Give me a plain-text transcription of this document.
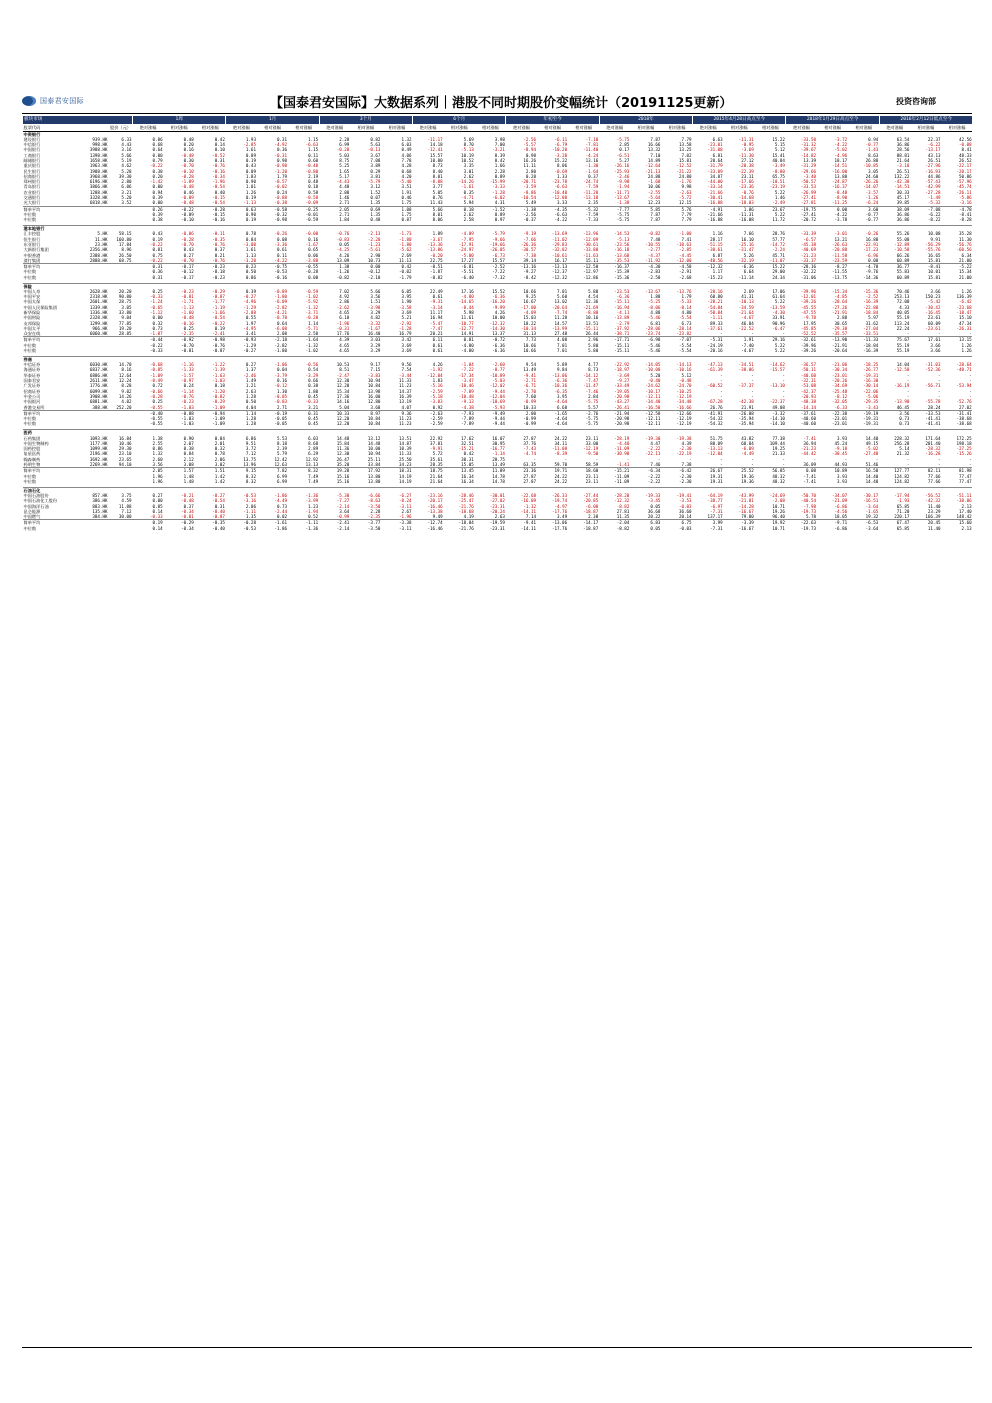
国泰君安国际	【国泰君安国际】大数据系列｜港股不同时期股价变幅统计（20191125更新）	投资咨询部
板块市场			1周			1月			3个月			6个月			年初至今			2018年			2015年4月28日高点至今			2018年1月29日高点至今			2016年2月12日低点至今		
股票代码		股价（元）	绝对涨幅	相对涨幅	相对涨幅	绝对涨幅	相对涨幅	相对涨幅	绝对涨幅	相对涨幅	相对涨幅	绝对涨幅	相对涨幅	相对涨幅	绝对涨幅	相对涨幅	相对涨幅	绝对涨幅	相对涨幅	相对涨幅	绝对涨幅	相对涨幅	相对涨幅	绝对涨幅	相对涨幅	相对涨幅	绝对涨幅	相对涨幅	相对涨幅
中资银行																													
建设银行	939.HK	6.33	0.86	0.48	0.42	1.93	0.31	1.15	2.28	0.82	1.32	-11.17	5.69	3.98	-2.56	-6.11	-7.18	-5.75	7.87	7.79	6.63	-11.31	15.22	-33.50	-3.72	0.94	63.54	22.37	42.56
中信银行	998.HK	4.43	0.68	0.20	0.14	-2.85	-4.92	-6.63	6.99	5.63	6.03	14.18	8.70	7.00	-5.57	-6.79	-7.81	2.85	16.66	13.58	-23.01	-0.95	5.15	-31.32	-4.22	-0.77	36.86	-6.22	-0.08
中国银行	3988.HK	3.16	0.64	0.16	0.10	1.61	0.36	1.15	-0.28	-0.13	0.49	-12.41	-5.13	-3.21	-8.94	-10.20	-11.40	0.17	13.32	13.25	-31.08	-3.69	5.12	-39.67	-5.02	-1.43	28.56	-13.17	8.41
工商银行	1398.HK	5.66	0.00	-0.48	-0.52	0.89	-0.31	0.11	5.03	3.67	4.06	15.57	10.19	8.39	0.98	-3.28	-4.24	-6.51	7.10	7.02	6.81	-11.30	15.41	-14.82	-4.96	8.63	88.81	43.13	48.33
邮储银行	1658.HK	5.19	0.79	0.30	0.31	0.19	0.98	0.60	8.75	7.08	7.78	10.00	10.52	8.42	16.26	15.22	13.16	5.27	14.89	15.81	20.64	27.12	40.84	13.39	18.17	26.88	21.64	26.51	26.52
重庆银行	1963.HK	4.62	-0.22	-0.70	-0.76	0.43	-0.98	-0.48	5.25	3.89	4.28	8.73	3.35	1.66	11.11	8.06	-1.30	-26.16	-12.64	-12.52	-31.79	-20.38	-3.49	-31.29	-14.51	-10.85	-3.18	-27.96	-22.17
民生银行	1988.HK	5.28	0.38	-0.10	-0.16	0.09	-1.20	-0.80	1.65	0.29	0.68	8.40	3.01	2.28	2.80	-0.69	-1.64	-25.93	-21.13	-21.22	-33.09	-22.39	-8.80	-29.66	-16.00	3.05	26.51	-16.93	-20.17
招商银行	3968.HK	39.30	0.20	-0.28	-0.34	1.83	1.79	2.19	5.17	3.81	4.20	8.01	2.62	0.89	0.28	1.33	0.37	-2.46	24.88	24.80	34.87	23.11	65.75	-3.40	13.88	24.60	132.22	44.86	50.86
郑州银行	6196.HK	2.80	-1.42	-1.89	-1.96	0.90	-0.57	0.48	-4.43	-5.79	-5.40	-8.88	-14.26	-15.99	-20.71	-23.78	-24.74	-9.98	-1.68	-1.76	-44.00	-17.66	-10.51	-50.57	-24.87	-26.26	-42.38	-57.43	-57.96
青岛银行	3866.HK	6.06	0.00	-0.48	-0.54	1.01	-0.02	0.18	4.48	3.12	3.51	3.77	-1.61	-3.33	-3.59	-6.63	-7.59	-1.94	10.06	9.98	-33.14	-23.36	-23.19	-33.53	-16.37	-14.07	-14.51	-42.99	-45.74
农业银行	1288.HK	3.21	0.94	0.46	0.40	1.26	0.24	0.58	2.88	1.52	1.91	5.05	0.35	-1.28	-8.86	-10.40	-11.28	-11.71	-2.55	-2.63	-21.66	-0.76	5.22	-26.99	-8.48	-3.57	30.33	-27.28	-26.11
交通银行	3328.HK	5.20	0.39	-0.09	-0.15	0.19	-0.88	-0.58	1.46	0.07	0.46	0.76	-4.71	-6.02	-10.54	-12.08	-13.18	-13.67	-5.64	-5.72	-30.41	-14.68	1.46	-27.41	-8.90	-1.26	45.17	-1.49	-5.86
光大银行	6818.HK	3.52	0.00	-0.48	-0.54	-1.13	-0.38	-0.09	2.71	1.35	1.75	11.43	5.94	4.31	5.49	3.33	2.35	-1.38	12.23	12.15	-16.88	-18.03	-2.49	-27.81	-11.25	-6.24	39.85	-5.32	-3.16
简单平均			0.26	-0.22	-0.28	0.63	-0.58	-0.25	2.05	0.69	1.08	5.66	0.18	-1.52	-1.38	-4.35	-5.32	-7.77	5.85	5.76	-4.91	1.86	23.67	-19.75	0.00	3.60	38.09	-7.08	-4.78
中位数			0.39	-0.09	-0.15	0.90	-0.32	-0.01	2.71	1.35	1.75	8.01	2.62	0.89	-2.56	-6.63	-7.59	-5.75	7.87	7.79	-21.66	-11.31	5.22	-27.41	-4.22	-0.77	36.86	-6.22	-8.41
中位数			0.38	-0.10	-0.16	0.19	-0.98	-0.59	1.84	0.48	0.87	8.06	2.58	0.97	-0.37	-4.22	-7.33	-5.75	7.87	7.79	-16.88	-16.08	11.72	-20.72	-3.78	-0.77	36.86	-8.22	-8.28

港本地银行																													
汇丰控股	5.HK	58.15	0.43	-0.06	-0.11	0.78	-0.26	-0.00	-0.76	-2.13	-1.73	1.89	-4.09	-5.79	-9.19	-13.69	-13.96	-14.53	-0.82	-1.00	1.16	7.66	28.76	-33.39	-3.01	-0.26	55.26	10.08	35.28
恒生银行	11.HK	160.80	0.19	-0.28	-0.35	0.84	0.08	0.16	-0.83	-2.20	-1.80	-3.67	-7.95	-9.66	-7.66	-11.02	-12.09	-5.13	7.48	7.41	28.17	16.10	57.77	-6.57	13.21	16.88	55.08	9.91	11.30
东亚银行	23.HK	17.84	-0.22	-0.70	-0.76	-3.00	-3.36	-1.67	0.05	-1.23	-1.80	-13.36	-17.91	-19.66	-26.36	-29.83	-30.61	-23.56	-10.55	-10.63	-51.15	-25.16	-14.72	-45.38	-26.63	-22.91	-12.89	-56.29	-56.76
大新银行集团	2356.HK	8.96	0.81	0.43	0.37	1.61	0.61	0.65	-4.25	-5.61	-5.62	-13.86	-24.97	-26.05	-30.57	-32.82	-33.80	-16.18	-2.77	-2.85	-30.61	-31.47	-2.24	-40.69	-20.88	-17.23	-10.58	-55.76	-60.56
中银香港	2388.HK	26.50	0.75	0.27	0.21	1.13	0.11	0.06	4.26	2.90	2.69	-0.20	-5.00	-6.73	-7.38	-10.61	-11.63	-13.68	-4.37	-4.45	6.87	5.26	45.71	-21.23	-11.58	-6.96	66.26	16.65	6.34
渣打集团	2888.HK	68.75	-0.22	-0.70	-0.76	-3.20	-4.22	-3.88	13.09	10.73	11.13	22.75	17.27	15.57	39.14	16.17	15.11	-35.53	-11.92	-12.00	-40.56	-32.19	-11.07	-33.37	-23.59	0.08	60.89	15.81	21.00
简单平均			0.31	-0.17	-0.23	0.23	-0.75	-0.55	1.38	0.00	0.42	-0.51	-6.81	-2.52	-13.16	-13.13	-12.50	-16.37	-4.30	-4.58	-12.32	-6.36	15.22	-28.16	-8.27	-4.70	36.77	-8.41	-5.22
中位数			0.36	-0.12	-0.18	0.50	-0.53	-0.28	-1.26	-0.12	-0.02	-1.87	-5.51	-7.22	-9.27	-12.37	-12.97	-15.39	-2.83	-2.91	1.17	6.64	29.00	-32.22	-11.55	-9.76	55.83	10.01	15.34
中位数			0.31	-0.17	-0.23	0.86	-0.16	0.08	-0.82	-2.18	-1.79	-0.82	-6.40	-7.32	-8.42	-12.32	-12.86	-15.36	-2.58	-2.68	-15.23	-11.14	24.34	-31.06	-13.75	-14.36	60.89	15.81	21.00

保险																													
中国人寿	2628.HK	20.20	0.25	-0.23	-0.29	0.39	-0.89	-0.59	7.02	5.66	6.05	22.49	17.16	15.52	10.66	7.01	5.80	-23.53	-13.67	-13.76	-20.16	2.69	17.06	-39.96	-15.34	-15.36	70.46	3.66	1.26
中国平安	2318.HK	90.80	-0.33	-0.81	-0.87	-0.27	-1.80	-1.02	4.92	3.56	3.95	0.61	-4.80	-6.36	9.25	5.60	4.54	-6.36	1.88	1.79	60.80	41.31	61.64	-12.01	-4.85	-2.52	253.13	150.23	136.39
中国太保	2601.HK	28.75	-1.24	-1.71	-1.77	-4.96	-6.09	-5.92	2.86	1.51	1.90	-9.31	-14.65	-16.20	16.67	13.02	12.36	-15.11	-5.25	-5.33	-28.21	-10.13	5.22	-39.26	-20.64	-16.39	72.00	-5.42	-6.42
中国人民保险集团	1339.HK	3.05	-0.65	-1.13	-1.19	-1.29	-2.82	-1.32	-2.62	-3.98	-3.58	-3.14	-8.44	-9.99	-17.00	-20.64	-21.69	-16.94	-8.06	-8.14	-54.84	-34.59	-13.59	-45.55	-27.26	-22.88	4.33	-30.42	-23.68
新华保险	1336.HK	33.80	-1.12	-1.60	-1.66	-2.88	-4.21	-3.71	4.65	3.29	3.69	11.17	5.98	4.26	-4.09	-7.74	-8.80	-4.11	4.88	4.80	-50.84	-21.64	-4.30	-47.55	-21.91	-18.84	40.05	-16.45	-18.47
中国财险	2328.HK	9.04	0.00	-0.48	-0.54	0.55	-0.78	-0.28	6.18	4.82	5.21	16.94	11.61	10.00	15.03	11.28	10.16	-13.89	-5.46	-5.54	-1.11	-4.67	33.91	-9.78	2.88	5.97	55.19	23.61	15.10
友邦保险	1299.HK	77.85	0.32	-0.16	-0.22	1.97	0.64	1.14	-1.96	-3.32	-2.92	-5.47	-10.77	-12.32	18.22	14.57	13.51	-2.79	6.81	6.73	89.33	46.84	90.96	17.95	30.65	31.62	113.24	60.09	47.34
中国太平	966.HK	19.20	0.73	0.25	0.19	-4.95	-6.08	-5.71	-0.31	-1.67	-1.28	-7.47	-12.77	-14.30	-10.34	-13.99	-15.11	-37.92	-28.06	-28.14	-37.61	-22.52	-6.47	-45.85	-29.38	-27.04	22.24	-23.61	-26.31
众安在线	6060.HK	28.85	-1.87	-2.35	-2.41	3.41	2.08	2.58	17.76	16.40	16.79	20.21	14.91	13.37	31.13	27.48	26.44	-38.71	-23.74	-23.82	-	-	-	-52.52	-35.57	-33.51	-	-	-
简单平均			-0.44	-0.92	-0.98	-0.93	-2.18	-1.64	4.39	3.03	3.42	6.11	0.81	-0.72	7.73	4.08	2.96	-17.71	-6.98	-7.07	-5.31	1.91	29.16	-32.61	-13.90	-11.33	75.67	17.61	13.15
中位数			-0.22	-0.70	-0.76	-1.29	-2.82	-1.32	4.65	3.29	3.69	0.61	-4.80	-6.36	10.66	7.01	5.80	-15.11	-5.46	-5.54	-24.19	-7.40	5.22	-39.96	-21.91	-18.84	55.19	3.66	1.26
中位数			-0.33	-0.81	-0.87	-0.27	-1.80	-1.02	4.65	3.29	3.69	0.61	-4.80	-6.36	10.66	7.01	5.80	-15.11	-5.46	-5.54	-20.16	-4.67	5.22	-39.26	-20.64	-16.39	55.19	3.66	1.26

券商																													
中信证券	6030.HK	14.70	-0.68	-1.16	-1.22	0.27	-1.06	-0.56	10.53	9.17	9.56	4.26	-1.04	-2.60	9.54	5.89	4.77	-22.92	-14.05	-14.13	-47.13	-34.51	-14.62	-36.57	-21.06	-18.25	14.04	-31.03	-28.64
海通证券	6837.HK	8.16	-0.85	-1.33	-1.39	1.37	0.04	0.54	8.51	7.15	7.54	-1.92	-7.22	-8.77	13.49	9.84	8.73	-18.97	-10.08	-10.16	-61.39	-38.06	-15.57	-50.11	-30.34	-26.77	-12.58	-52.36	-48.71
华泰证券	6886.HK	12.64	-1.09	-1.57	-1.63	-2.46	-3.79	-3.29	-2.47	-3.83	-3.44	-12.04	-17.34	-18.89	-9.41	-13.06	-14.12	-3.69	5.20	5.12	-	-	-	-40.60	-23.01	-19.31	-	-	-
国泰君安	2611.HK	12.24	-0.49	-0.97	-1.03	1.49	0.16	0.66	12.30	10.94	11.33	1.83	-3.47	-5.03	-2.71	-6.36	-7.47	-9.27	-0.40	-0.48	-	-	-	-32.31	-20.26	-16.30	-	-	-
广发证券	1776.HK	8.28	0.72	0.24	0.18	1.21	-0.12	0.38	12.20	10.84	11.23	-5.16	-10.46	-12.02	-6.71	-10.36	-11.47	-33.49	-24.62	-24.70	-60.52	-37.37	-13.10	-53.08	-34.69	-30.14	-16.19	-56.71	-53.94
招商证券	6099.HK	9.02	-0.66	-1.14	-1.20	2.63	1.30	1.80	15.34	13.98	14.37	-2.59	-7.89	-9.44	-2.70	-6.35	-7.46	-19.05	-10.17	-10.25	-	-	-	-42.37	-25.48	-22.06	-	-	-
中金公司	3908.HK	14.26	-0.28	-0.76	-0.82	1.28	-0.05	0.45	17.36	16.00	16.39	-5.18	-10.48	-12.04	7.60	3.95	2.84	-20.98	-12.11	-12.19	-	-	-	-20.93	-8.12	-5.06	-	-	-
中国银河	6881.HK	4.02	0.25	-0.23	-0.29	0.50	-0.83	-0.33	14.16	12.80	13.19	-3.83	-9.13	-10.69	-0.99	-4.64	-5.75	-43.27	-34.40	-34.48	-67.28	-42.38	-22.37	-48.38	-32.05	-29.35	-13.90	-55.78	-52.76
香港交易所	388.HK	252.20	-0.55	-1.03	-1.09	4.04	2.71	3.21	5.04	3.68	4.07	0.92	-4.38	-5.93	10.33	6.68	5.57	-26.41	-16.58	-16.66	26.76	21.91	49.08	-14.14	-6.33	-3.43	46.45	28.24	27.02
简单平均			-0.40	-0.88	-0.94	1.14	-0.19	0.31	10.33	8.97	9.36	-2.63	-7.93	-9.49	2.00	-1.65	-2.76	-21.94	-12.58	-12.66	-41.91	-26.08	-3.32	-37.61	-22.38	-19.19	3.56	-33.53	-31.41
中位数			-0.55	-1.03	-1.09	1.28	-0.05	0.45	12.20	10.84	11.23	-2.59	-7.89	-9.44	-0.99	-4.64	-5.75	-20.98	-12.11	-12.19	-54.32	-35.94	-14.10	-40.60	-23.01	-19.31	0.73	-41.41	-38.68
中位数			-0.55	-1.03	-1.09	1.28	-0.05	0.45	12.20	10.84	11.23	-2.59	-7.89	-9.44	-0.99	-4.64	-5.75	-20.98	-12.11	-12.19	-54.32	-35.94	-14.10	-40.60	-23.01	-19.31	0.73	-41.41	-38.68

医药																													
石药集团	1093.HK	16.84	1.38	0.90	0.84	6.86	5.53	6.03	14.48	13.12	13.51	22.92	17.62	16.07	27.87	24.22	23.11	-28.19	-19.30	-19.38	51.75	43.82	77.38	-7.41	3.93	14.40	228.32	171.64	172.25
中国生物制药	1177.HK	10.46	2.55	2.07	2.01	9.51	8.18	8.68	15.84	14.48	14.87	37.81	32.51	30.95	37.76	34.11	33.00	-4.40	4.47	4.39	80.09	68.84	109.44	36.94	45.24	49.15	256.28	201.40	198.18
国药控股	1099.HK	29.30	0.86	0.38	0.32	3.72	2.39	2.89	11.36	10.00	10.39	-9.91	-15.21	-16.77	-7.43	-11.08	-12.19	-11.09	-2.22	-2.30	-13.13	-6.09	19.25	-21.23	-9.18	-5.02	5.14	-28.32	-27.25
复星医药	2196.HK	23.10	1.32	0.84	0.78	7.12	5.79	6.29	12.30	10.94	11.33	5.72	0.42	-1.14	-4.74	-8.39	-9.50	-30.98	-22.11	-22.19	-12.04	-4.49	21.33	-44.42	-30.45	-27.48	21.32	-16.28	-15.26
翰森制药	3692.HK	23.65	2.60	2.12	2.06	13.75	12.42	12.92	26.47	25.11	25.50	35.61	30.31	28.75	-	-	-	-	-	-	-	-	-	-	-	-	-	-	-
药明生物	2269.HK	94.10	3.56	3.08	3.02	13.96	12.63	13.13	35.20	33.84	34.23	20.35	15.05	13.49	63.35	59.70	58.59	-1.41	7.46	7.38	-	-	-	36.09	44.93	51.46	-	-	-
简单平均			2.05	1.57	1.51	9.15	7.82	8.32	19.28	17.92	18.31	18.75	13.45	11.89	23.36	19.71	18.60	-15.21	-6.34	-6.42	26.67	25.52	56.85	0.08	10.89	16.50	127.77	82.11	81.98
中位数			1.96	1.48	1.42	8.32	6.99	7.49	15.16	13.80	14.19	21.64	16.34	14.78	27.87	24.22	23.11	-11.09	-2.22	-2.30	19.31	19.36	48.32	-7.41	3.93	14.40	124.82	77.66	77.47
中位数			1.96	1.48	1.42	8.32	6.99	7.49	15.16	13.80	14.19	21.64	16.34	14.78	27.87	24.22	23.11	-11.09	-2.22	-2.30	19.31	19.36	48.32	-7.41	3.93	14.40	124.82	77.66	77.47

石油石化																													
中国石油股份	857.HK	3.75	0.27	-0.21	-0.27	-0.53	-1.86	-1.36	-5.30	-6.66	-6.27	-23.16	-28.46	-30.01	-22.68	-26.33	-27.44	-28.20	-19.33	-19.41	-64.19	-43.99	-24.69	-50.70	-34.07	-30.17	-17.94	-56.52	-51.11
中国石油化工股份	386.HK	4.59	0.00	-0.48	-0.54	-3.16	-4.49	-3.99	-7.27	-8.63	-8.24	-20.17	-25.47	-27.02	-16.09	-19.74	-20.85	-12.32	-3.45	-3.53	-38.77	-21.81	-2.08	-40.54	-21.09	-16.51	-1.93	-42.32	-38.86
中国海洋石油	883.HK	11.88	0.85	0.37	0.31	2.06	0.73	1.23	-2.14	-3.50	-3.11	-16.46	-21.76	-23.31	-1.32	-4.97	-6.08	-8.82	0.05	-0.03	-6.97	-14.28	10.71	-7.98	-6.86	-3.64	65.85	11.40	2.13
昆仑能源	135.HK	7.12	0.14	-0.34	-0.40	-1.11	-2.44	-1.94	3.64	2.28	2.67	-13.38	-18.68	-20.24	-14.11	-17.76	-18.87	27.81	36.68	36.60	-7.31	-16.67	19.26	-19.73	-4.56	-1.65	71.20	23.29	17.40
中国燃气	384.HK	30.00	-0.33	-0.81	-0.87	1.35	0.02	0.52	-0.99	-2.35	-1.96	9.49	4.19	2.63	7.14	3.49	2.38	11.35	20.22	20.14	137.17	79.80	96.40	5.78	18.05	19.32	220.17	166.39	148.42
简单平均			0.19	-0.29	-0.35	-0.28	-1.61	-1.11	-2.41	-3.77	-3.38	-12.74	-18.04	-19.59	-9.41	-13.06	-14.17	-2.04	6.83	6.75	3.99	-3.39	19.92	-22.63	-9.71	-6.53	67.47	20.45	15.60
中位数			0.14	-0.34	-0.40	-0.53	-1.86	-1.36	-2.14	-3.50	-3.11	-16.46	-21.76	-23.31	-14.11	-17.76	-18.87	-8.82	0.05	-0.03	-7.31	-16.67	10.71	-19.73	-6.86	-3.64	65.85	11.40	2.13
